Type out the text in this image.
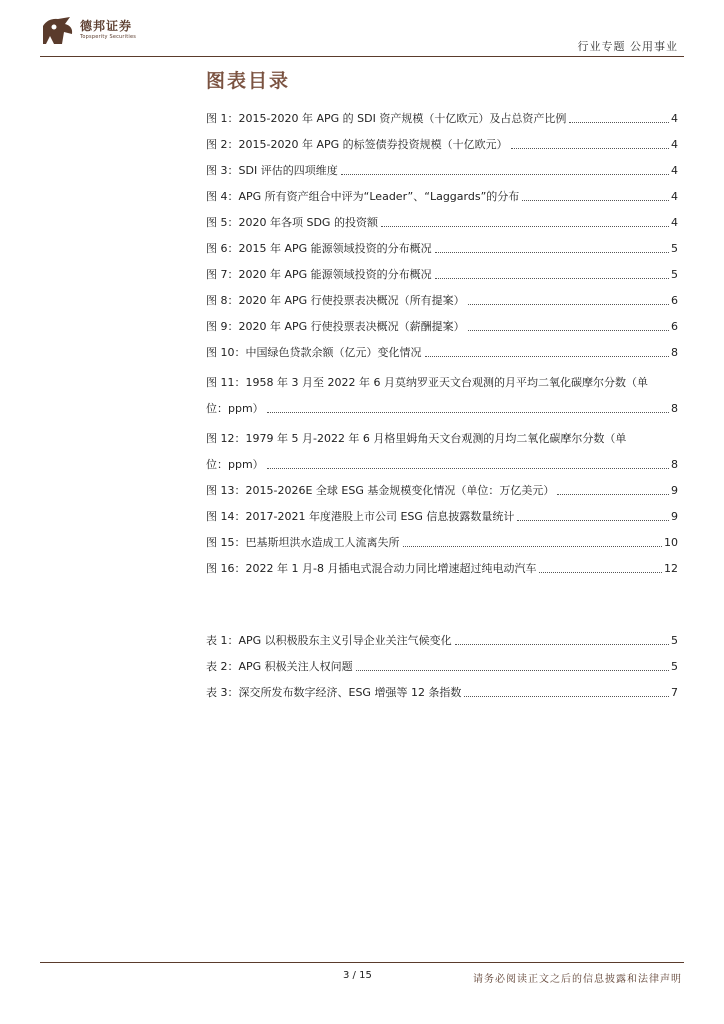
德邦证券
Topsperity Securities
行业专题 公用事业
图表目录
图 1：2015-2020 年 APG 的 SDI 资产规模（十亿欧元）及占总资产比例	4
图 2：2015-2020 年 APG 的标签债券投资规模（十亿欧元）	4
图 3：SDI 评估的四项维度	4
图 4：APG 所有资产组合中评为“Leader”、“Laggards”的分布	4
图 5：2020 年各项 SDG 的投资额	4
图 6：2015 年 APG 能源领域投资的分布概况	5
图 7：2020 年 APG 能源领域投资的分布概况	5
图 8：2020 年 APG 行使投票表决概况（所有提案）	6
图 9：2020 年 APG 行使投票表决概况（薪酬提案）	6
图 10：中国绿色贷款余额（亿元）变化情况	8
图 11：1958 年 3 月至 2022 年 6 月莫纳罗亚天文台观测的月平均二氧化碳摩尔分数（单
位：ppm）	8
图 12：1979 年 5 月-2022 年 6 月格里姆角天文台观测的月均二氧化碳摩尔分数（单
位：ppm）	8
图 13：2015-2026E 全球 ESG 基金规模变化情况（单位：万亿美元）	9
图 14：2017-2021 年度港股上市公司 ESG 信息披露数量统计	9
图 15：巴基斯坦洪水造成工人流离失所	10
图 16：2022 年 1 月-8 月插电式混合动力同比增速超过纯电动汽车	12
表 1：APG 以积极股东主义引导企业关注气候变化	5
表 2：APG 积极关注人权问题	5
表 3：深交所发布数字经济、ESG 增强等 12 条指数	7
3 / 15	请务必阅读正文之后的信息披露和法律声明
